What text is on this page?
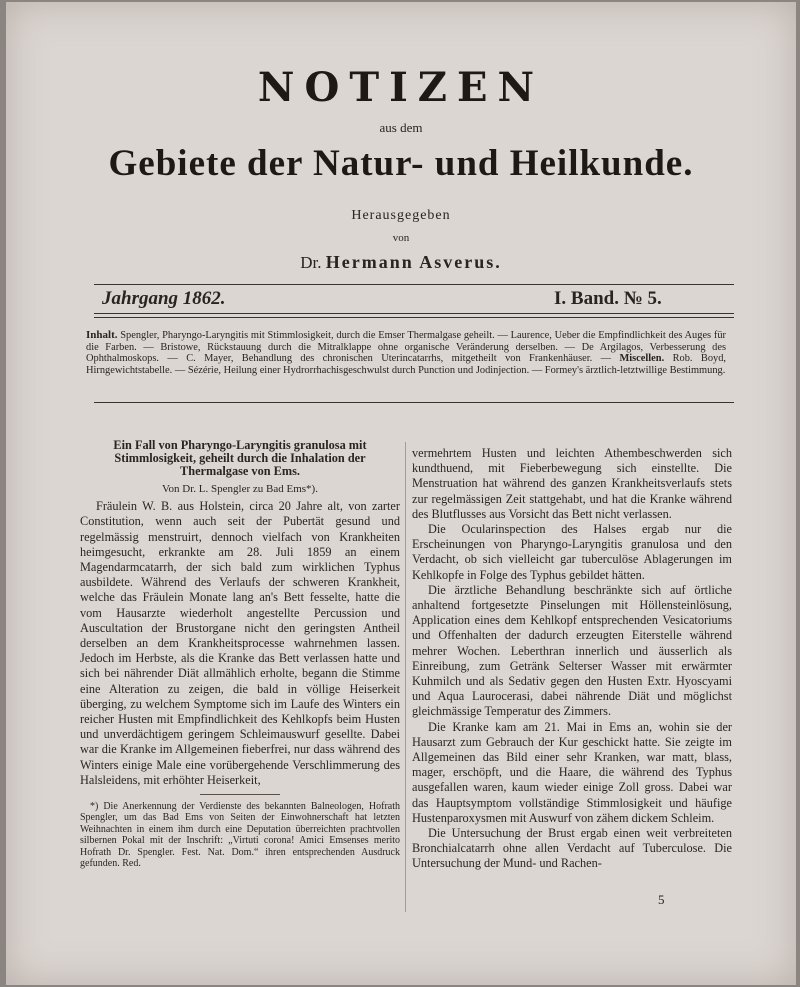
NOTIZEN
aus dem
Gebiete der Natur- und Heilkunde.
Herausgegeben
von
Dr. Hermann Asverus.
Jahrgang 1862.	I. Band. № 5.
Inhalt. Spengler, Pharyngo-Laryngitis mit Stimmlosigkeit, durch die Emser Thermalgase geheilt. — Laurence, Ueber die Empfindlichkeit des Auges für die Farben. — Bristowe, Rückstauung durch die Mitralklappe ohne organische Veränderung derselben. — De Argilagos, Verbesserung des Ophthalmoskops. — C. Mayer, Behandlung des chronischen Uterincatarrhs, mitgetheilt von Frankenhäuser. — Miscellen. Rob. Boyd, Hirngewichtstabelle. — Sézérie, Heilung einer Hydrorrhachisgeschwulst durch Punction und Jodinjection. — Formey's ärztlich-letztwillige Bestimmung.
Ein Fall von Pharyngo-Laryngitis granulosa mit Stimmlosigkeit, geheilt durch die Inhalation der Thermalgase von Ems.
Von Dr. L. Spengler zu Bad Ems*).

Fräulein W. B. aus Holstein, circa 20 Jahre alt, von zarter Constitution, wenn auch seit der Pubertät gesund und regelmässig menstruirt, dennoch vielfach von Krankheiten heimgesucht, erkrankte am 28. Juli 1859 an einem Magendarmcatarrh, der sich bald zum wirklichen Typhus ausbildete. Während des Verlaufs der schweren Krankheit, welche das Fräulein Monate lang an's Bett fesselte, hatte die vom Hausarzte wiederholt angestellte Percussion und Auscultation der Brustorgane nicht den geringsten Antheil derselben an dem Krankheitsprocesse wahrnehmen lassen. Jedoch im Herbste, als die Kranke das Bett verlassen hatte und sich bei nährender Diät allmählich erholte, begann die Stimme eine Alteration zu zeigen, die bald in völlige Heiserkeit überging, zu welchem Symptome sich im Laufe des Winters ein reicher Husten mit Empfindlichkeit des Kehlkopfs beim Husten und unverdächtigem geringem Schleimauswurf gesellte. Dabei war die Kranke im Allgemeinen fieberfrei, nur dass während des Winters einige Male eine vorübergehende Verschlimmerung des Halsleidens, mit erhöhter Heiserkeit,

*) Die Anerkennung der Verdienste des bekannten Balneologen, Hofrath Spengler, um das Bad Ems von Seiten der Einwohnerschaft hat letzten Weihnachten in einem ihm durch eine Deputation überreichten prachtvollen silbernen Pokal mit der Inschrift: „Virtuti corona! Amici Emsenses merito Hofrath Dr. Spengler. Fest. Nat. Dom.“ ihren entsprechenden Ausdruck gefunden. Red.

vermehrtem Husten und leichten Athembeschwerden sich kundthuend, mit Fieberbewegung sich einstellte. Die Menstruation hat während des ganzen Krankheitsverlaufs stets zur regelmässigen Zeit stattgehabt, und hat die Kranke während des Blutflusses aus Vorsicht das Bett nicht verlassen.

Die Ocularinspection des Halses ergab nur die Erscheinungen von Pharyngo-Laryngitis granulosa und den Verdacht, ob sich vielleicht gar tuberculöse Ablagerungen im Kehlkopfe in Folge des Typhus gebildet hätten.

Die ärztliche Behandlung beschränkte sich auf örtliche anhaltend fortgesetzte Pinselungen mit Höllensteinlösung, Application eines dem Kehlkopf entsprechenden Vesicatoriums und Offenhalten der dadurch erzeugten Eiterstelle während mehrer Wochen. Leberthran innerlich und äusserlich als Einreibung, zum Getränk Selterser Wasser mit erwärmter Kuhmilch und als Sedativ gegen den Husten Extr. Hyoscyami und Aqua Laurocerasi, dabei nährende Diät und möglichst gleichmässige Temperatur des Zimmers.

Die Kranke kam am 21. Mai in Ems an, wohin sie der Hausarzt zum Gebrauch der Kur geschickt hatte. Sie zeigte im Allgemeinen das Bild einer sehr Kranken, war matt, blass, mager, erschöpft, und die Haare, die während des Typhus ausgefallen waren, kaum wieder einige Zoll gross. Dabei war das Hauptsymptom vollständige Stimmlosigkeit und häufige Hustenparoxysmen mit Auswurf von zähem dickem Schleim.

Die Untersuchung der Brust ergab einen weit verbreiteten Bronchialcatarrh ohne allen Verdacht auf Tuberculose. Die Untersuchung der Mund- und Rachen-

5
